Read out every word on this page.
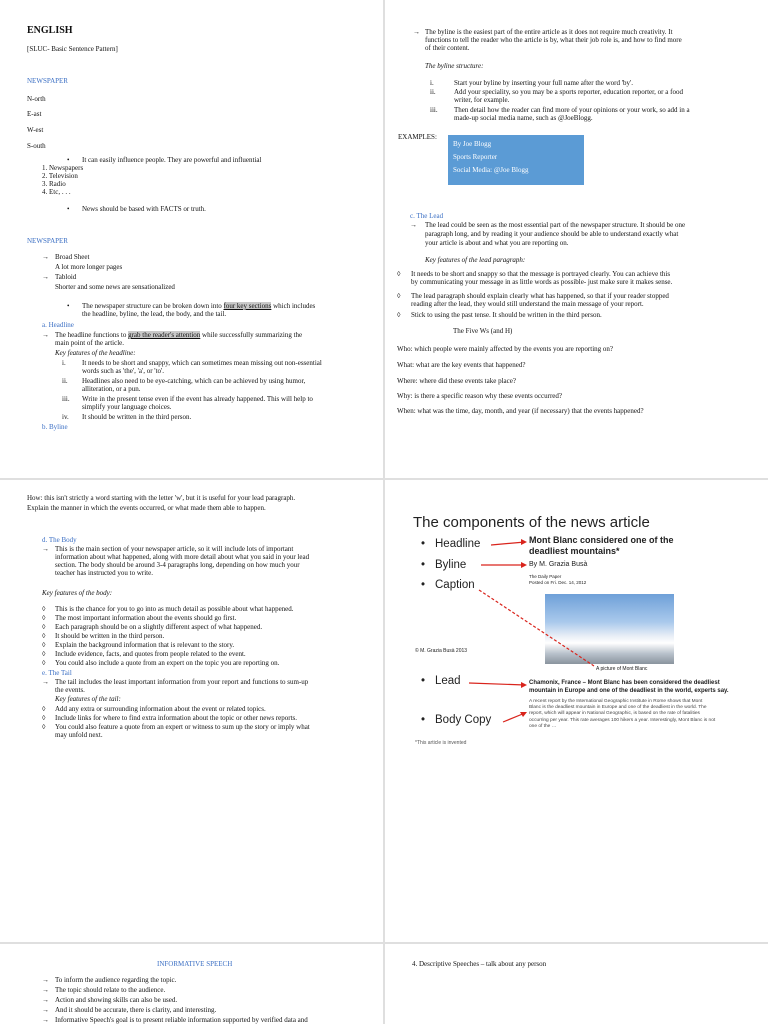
ENGLISH
[SLUC- Basic Sentence Pattern]
NEWSPAPER
N-orth
E-ast
W-est
S-outh
• It can easily influence people. They are powerful and influential
1. Newspapers
2. Television
3. Radio
4. Etc, . . .
• News should be based with FACTS or truth.
NEWSPAPER
→ Broad Sheet
A lot more longer pages
→ Tabloid
Shorter and some news are sensationalized
• The newspaper structure can be broken down into four key sections which includes
the headline, byline, the lead, the body, and the tail.
a. Headline
→ The headline functions to grab the reader's attention while successfully summarizing the
main point of the article.
Key features of the headline:
i. It needs to be short and snappy, which can sometimes mean missing out non-essential
words such as 'the', 'a', or 'to'.
ii. Headlines also need to be eye-catching, which can be achieved by using humor,
alliteration, or a pun.
iii. Write in the present tense even if the event has already happened. This will help to
simplify your language choices.
iv. It should be written in the third person.
b. Byline
→ The byline is the easiest part of the entire article as it does not require much creativity. It
functions to tell the reader who the article is by, what their job role is, and how to find more
of their content.
The byline structure:
i.	Start your byline by inserting your full name after the word 'by'.
ii.	Add your speciality, so you may be a sports reporter, education reporter, or a food
writer, for example.
iii. Then detail how the reader can find more of your opinions or your work, so add in a
made-up social media name, such as @JoeBlogg.
EXAMPLES:
By Joe Blogg
Sports Reporter
Social Media: @Joe Blogg
c. The Lead
→ The lead could be seen as the most essential part of the newspaper structure. It should be one
paragraph long, and by reading it your audience should be able to understand exactly what
your article is about and what you are reporting on.
Key features of the lead paragraph:
◊ It needs to be short and snappy so that the message is portrayed clearly. You can achieve this
by communicating your message in as little words as possible- just make sure it makes sense.
◊ The lead paragraph should explain clearly what has happened, so that if your reader stopped
reading after the lead, they would still understand the main message of your report.
◊ Stick to using the past tense. It should be written in the third person.
The Five Ws (and H)
Who: which people were mainly affected by the events you are reporting on?
What: what are the key events that happened?
Where: where did these events take place?
Why: is there a specific reason why these events occurred?
When: what was the time, day, month, and year (if necessary) that the events happened?
How: this isn't strictly a word starting with the letter 'w', but it is useful for your lead paragraph.
Explain the manner in which the events occurred, or what made them able to happen.
d. The Body
→ This is the main section of your newspaper article, so it will include lots of important
information about what happened, along with more detail about what you said in your lead
section. The body should be around 3-4 paragraphs long, depending on how much your
teacher has instructed you to write.
Key features of the body:
◊ This is the chance for you to go into as much detail as possible about what happened.
◊ The most important information about the events should go first.
◊ Each paragraph should be on a slightly different aspect of what happened.
◊ It should be written in the third person.
◊ Explain the background information that is relevant to the story.
◊ Include evidence, facts, and quotes from people related to the event.
◊ You could also include a quote from an expert on the topic you are reporting on.
e. The Tail
→ The tail includes the least important information from your report and functions to sum-up
the events.
Key features of the tail:
◊ Add any extra or surrounding information about the event or related topics.
◊ Include links for where to find extra information about the topic or other news reports.
◊ You could also feature a quote from an expert or witness to sum up the story or imply what
may unfold next.
The components of the news article
• Headline
• Byline
• Caption
• Lead
• Body Copy
Mont Blanc considered one of the
deadliest mountains*
By M. Grazia Busà
The Daily Paper
Posted on Fri. Dec. 14, 2012
© M. Grazia Busà 2013
A picture of Mont Blanc
Chamonix, France – Mont Blanc has been considered the deadliest
mountain in Europe and one of the deadliest in the world, experts say.
A recent report by the International Geographic Institute in Rome shows that Mont
Blanc is the deadliest mountain in Europe and one of the deadliest in the world. The
report, which will appear in National Geographic, is based on the rate of fatalities
occurring per year. This rate averages 100 hikers a year. Interestingly, Mont Blanc is not
one of the …
*This article is invented
INFORMATIVE SPEECH
→ To inform the audience regarding the topic.
→ The topic should relate to the audience.
→ Action and showing skills can also be used.
→ And it should be accurate, there is clarity, and interesting.
→ Informative Speech's goal is to present reliable information supported by verified data and
4. Descriptive Speeches – talk about any person
